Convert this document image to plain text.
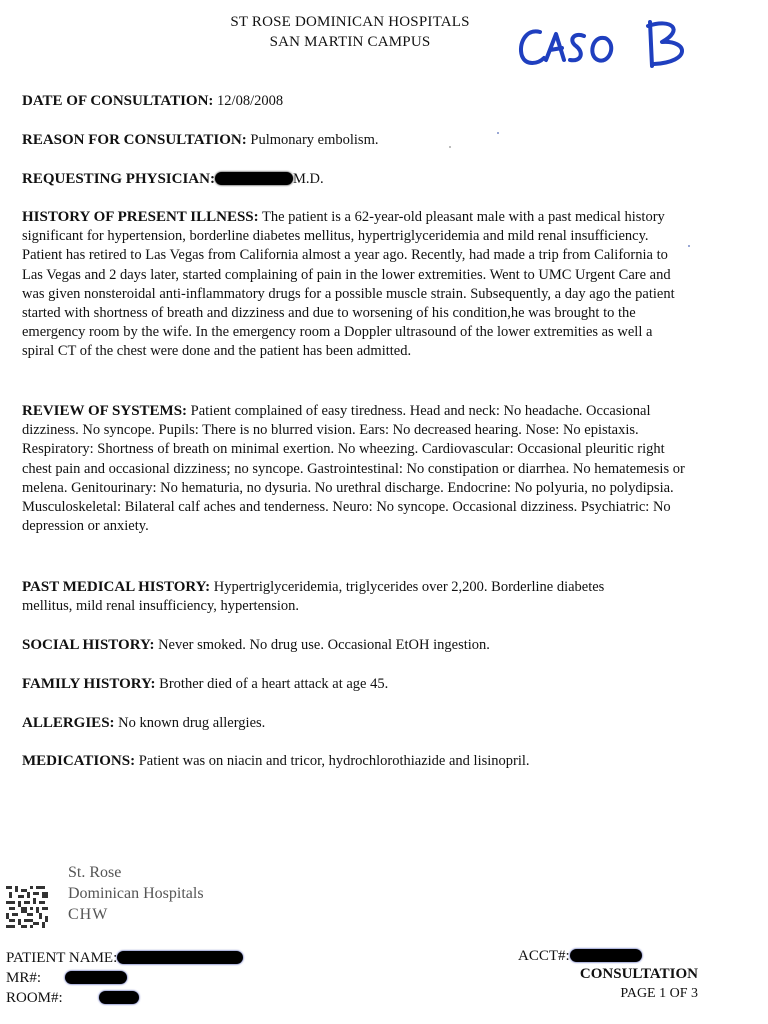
ST ROSE DOMINICAN HOSPITALS
SAN MARTIN CAMPUS
DATE OF CONSULTATION: 12/08/2008
REASON FOR CONSULTATION: Pulmonary embolism.
REQUESTING PHYSICIAN:	M.D.
HISTORY OF PRESENT ILLNESS: The patient is a 62-year-old pleasant male with a past medical history significant for hypertension, borderline diabetes mellitus, hypertriglyceridemia and mild renal insufficiency. Patient has retired to Las Vegas from California almost a year ago. Recently, had made a trip from California to Las Vegas and 2 days later, started complaining of pain in the lower extremities. Went to UMC Urgent Care and was given nonsteroidal anti-inflammatory drugs for a possible muscle strain. Subsequently, a day ago the patient started with shortness of breath and dizziness and due to worsening of his condition,he was brought to the emergency room by the wife. In the emergency room a Doppler ultrasound of the lower extremities as well a spiral CT of the chest were done and the patient has been admitted.
REVIEW OF SYSTEMS: Patient complained of easy tiredness. Head and neck: No headache. Occasional dizziness. No syncope. Pupils: There is no blurred vision. Ears: No decreased hearing. Nose: No epistaxis. Respiratory: Shortness of breath on minimal exertion. No wheezing. Cardiovascular: Occasional pleuritic right chest pain and occasional dizziness; no syncope. Gastrointestinal: No constipation or diarrhea. No hematemesis or melena. Genitourinary: No hematuria, no dysuria. No urethral discharge. Endocrine: No polyuria, no polydipsia. Musculoskeletal: Bilateral calf aches and tenderness. Neuro: No syncope. Occasional dizziness. Psychiatric: No depression or anxiety.
PAST MEDICAL HISTORY: Hypertriglyceridemia, triglycerides over 2,200. Borderline diabetes mellitus, mild renal insufficiency, hypertension.
SOCIAL HISTORY: Never smoked. No drug use. Occasional EtOH ingestion.
FAMILY HISTORY: Brother died of a heart attack at age 45.
ALLERGIES: No known drug allergies.
MEDICATIONS: Patient was on niacin and tricor, hydrochlorothiazide and lisinopril.
St. Rose
Dominican Hospitals
CHW
PATIENT NAME:
MR#:
ROOM#:
ACCT#:
CONSULTATION
PAGE 1 OF 3
